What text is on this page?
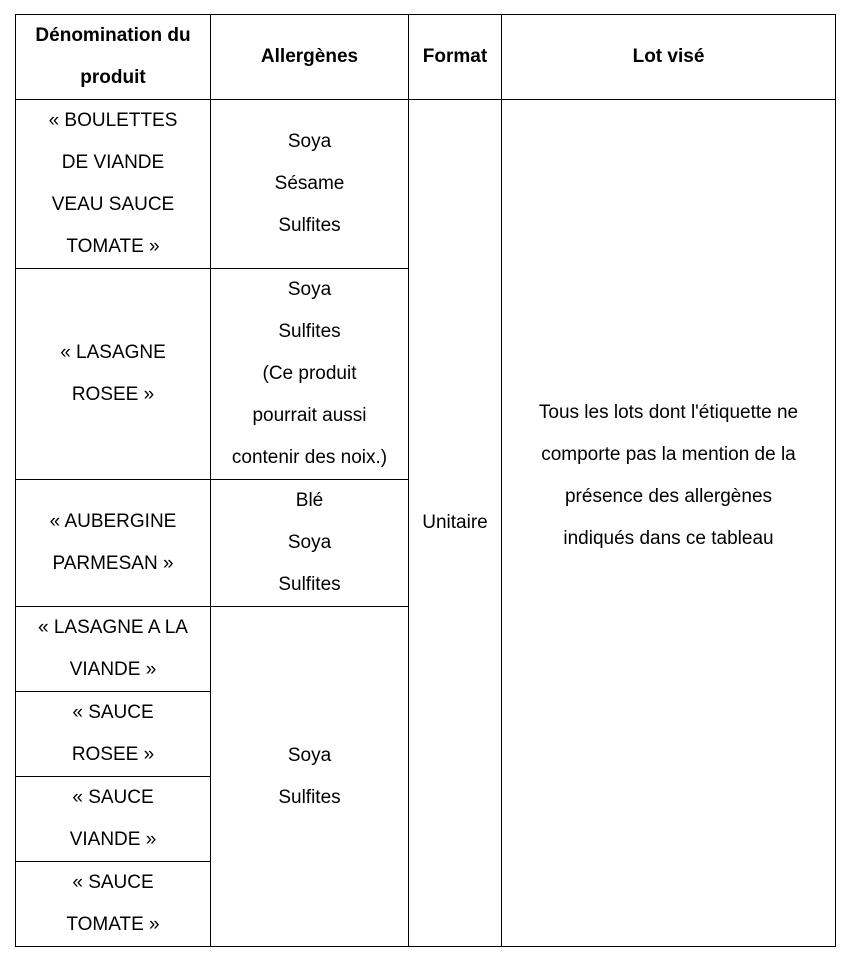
Dénomination du
produit	Allergènes	Format	Lot visé

« BOULETTES
DE VIANDE
VEAU SAUCE
TOMATE »	Soya
Sésame
Sulfites	Unitaire	Tous les lots dont l'étiquette ne
comporte pas la mention de la
présence des allergènes
indiqués dans ce tableau

« LASAGNE
ROSEE »	Soya
Sulfites
(Ce produit
pourrait aussi
contenir des noix.)		

« AUBERGINE
PARMESAN »	Blé
Soya
Sulfites		

« LASAGNE A LA
VIANDE »	Soya
Sulfites		

« SAUCE
ROSEE »			

« SAUCE
VIANDE »			

« SAUCE
TOMATE »			
